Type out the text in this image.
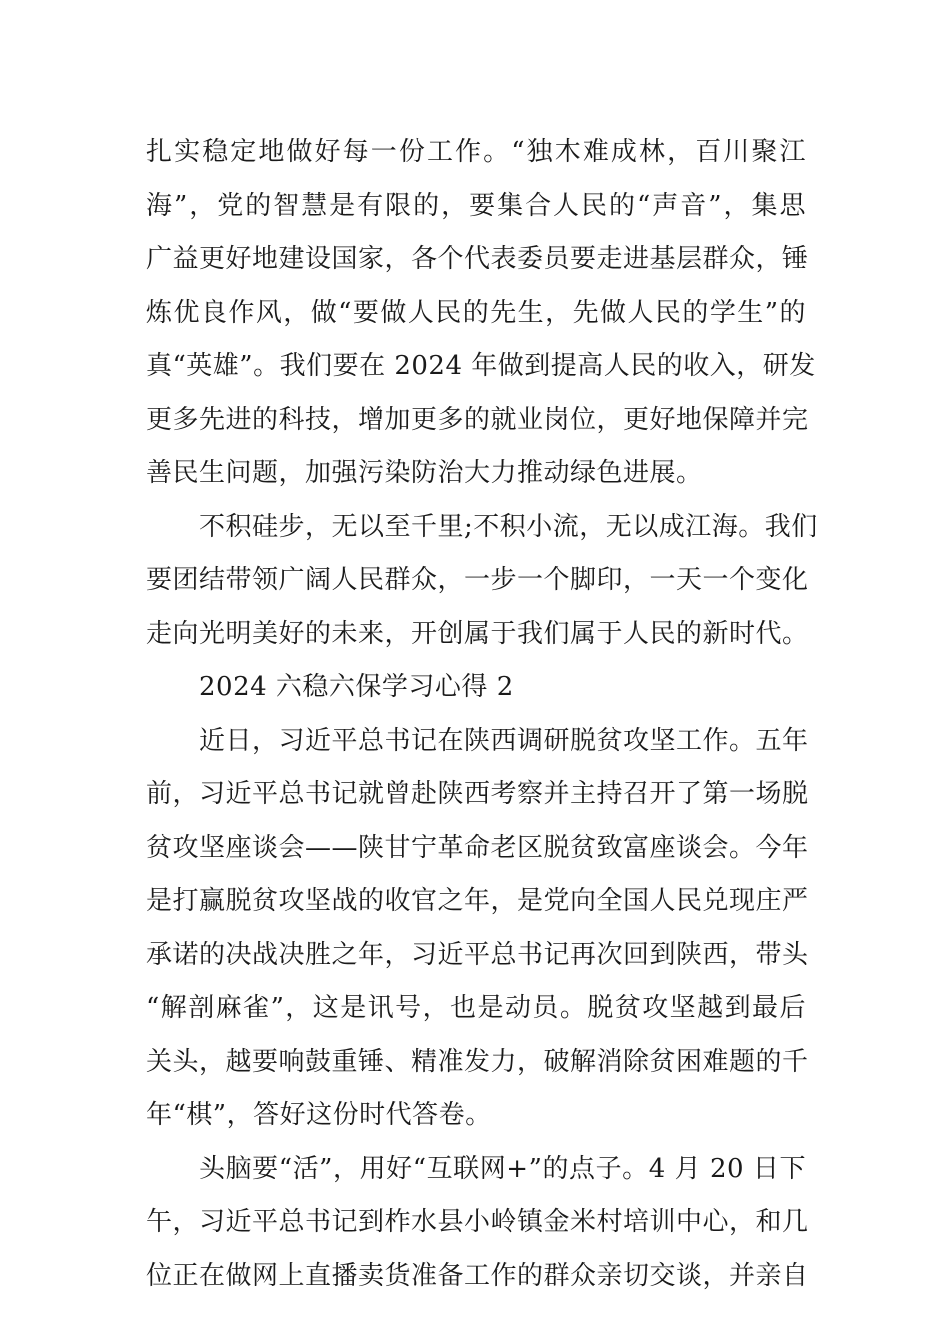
扎实稳定地做好每一份工作。“独木难成林，百川聚江
海”，党的智慧是有限的，要集合人民的“声音”，集思
广益更好地建设国家，各个代表委员要走进基层群众，锤
炼优良作风，做“要做人民的先生，先做人民的学生”的
真“英雄”。我们要在 2024 年做到提高人民的收入，研发
更多先进的科技，增加更多的就业岗位，更好地保障并完
善民生问题，加强污染防治大力推动绿色进展。
不积硅步，无以至千里;不积小流，无以成江海。我们
要团结带领广阔人民群众，一步一个脚印，一天一个变化
走向光明美好的未来，开创属于我们属于人民的新时代。
2024 六稳六保学习心得 2
近日，习近平总书记在陕西调研脱贫攻坚工作。五年
前，习近平总书记就曾赴陕西考察并主持召开了第一场脱
贫攻坚座谈会——陕甘宁革命老区脱贫致富座谈会。今年
是打赢脱贫攻坚战的收官之年，是党向全国人民兑现庄严
承诺的决战决胜之年，习近平总书记再次回到陕西，带头
“解剖麻雀”，这是讯号，也是动员。脱贫攻坚越到最后
关头，越要响鼓重锤、精准发力，破解消除贫困难题的千
年“棋”，答好这份时代答卷。
头脑要“活”，用好“互联网+”的点子。4 月 20 日下
午，习近平总书记到柞水县小岭镇金米村培训中心，和几
位正在做网上直播卖货准备工作的群众亲切交谈，并亲自
